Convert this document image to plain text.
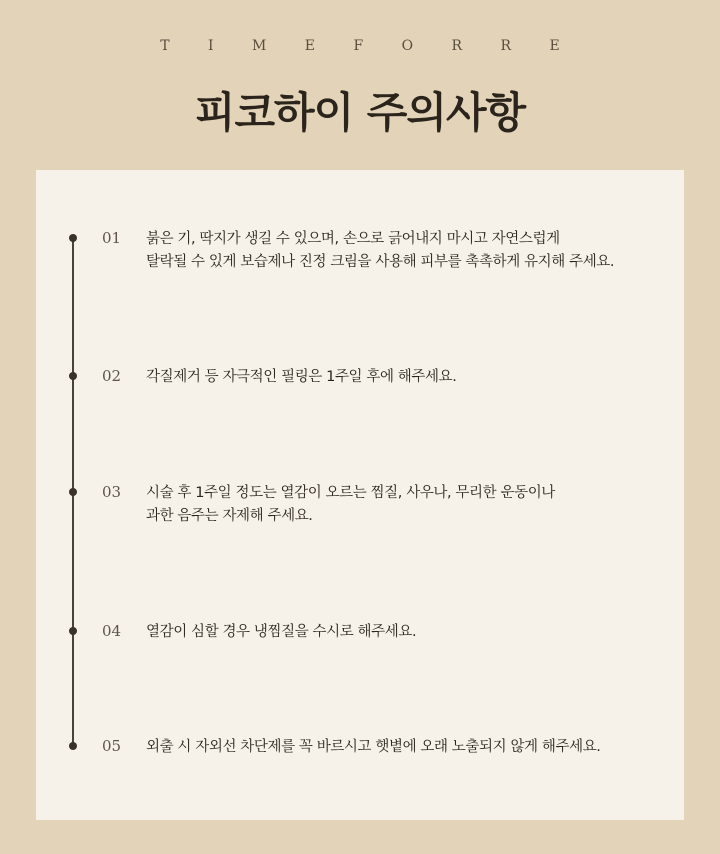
T I M E F O R R E
피코하이 주의사항
01 붉은 기, 딱지가 생길 수 있으며, 손으로 긁어내지 마시고 자연스럽게
탈락될 수 있게 보습제나 진정 크림을 사용해 피부를 촉촉하게 유지해 주세요.
02 각질제거 등 자극적인 필링은 1주일 후에 해주세요.
03 시술 후 1주일 정도는 열감이 오르는 찜질, 사우나, 무리한 운동이나
과한 음주는 자제해 주세요.
04 열감이 심할 경우 냉찜질을 수시로 해주세요.
05 외출 시 자외선 차단제를 꼭 바르시고 햇볕에 오래 노출되지 않게 해주세요.
